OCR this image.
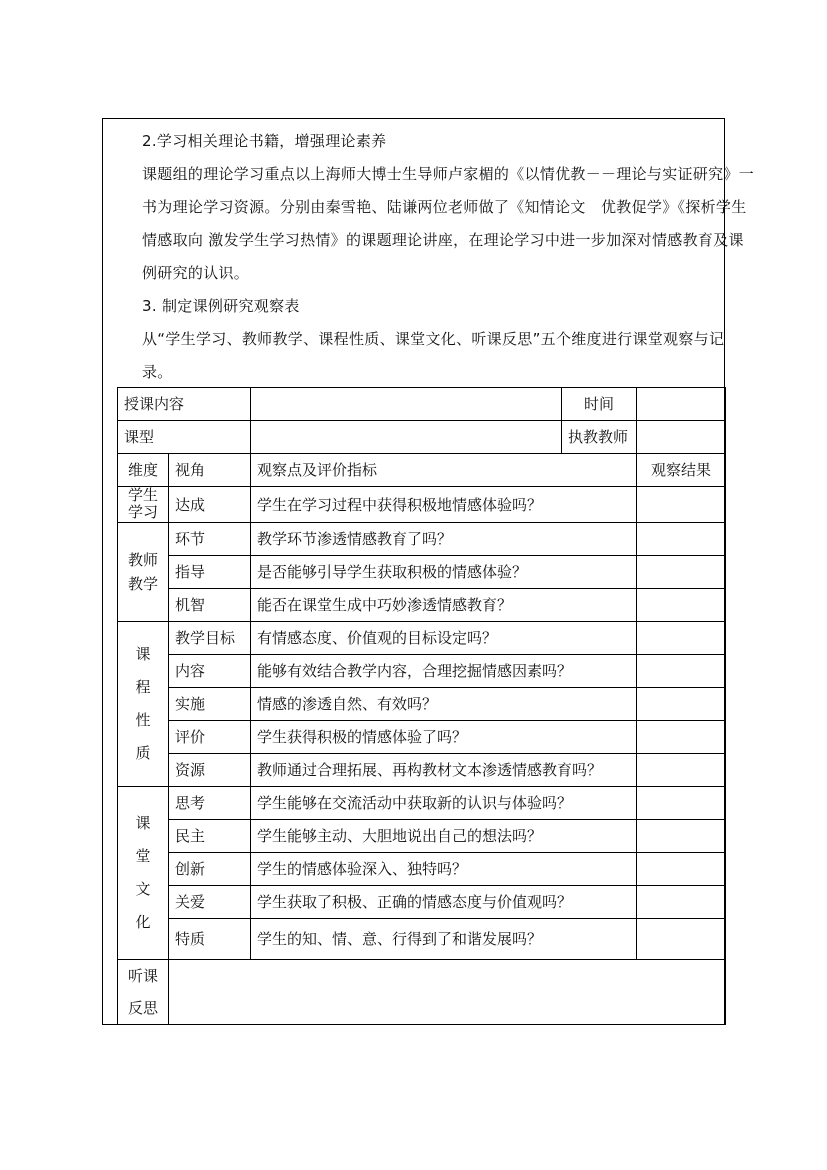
2.学习相关理论书籍，增强理论素养
课题组的理论学习重点以上海师大博士生导师卢家楣的《以情优教－－理论与实证研究》一书为理论学习资源。分别由秦雪艳、陆谦两位老师做了《知情论文　优教促学》《探析学生情感取向 激发学生学习热情》的课题理论讲座，在理论学习中进一步加深对情感教育及课例研究的认识。
3. 制定课例研究观察表
从“学生学习、教师教学、课程性质、课堂文化、听课反思”五个维度进行课堂观察与记录。
授课内容			时间	
课型			执教教师	
维度	视角	观察点及评价指标		观察结果
学生学习	达成	学生在学习过程中获得积极地情感体验吗？		
教师教学	环节	教学环节渗透情感教育了吗？		
	指导	是否能够引导学生获取积极的情感体验？		
	机智	能否在课堂生成中巧妙渗透情感教育？		
课程性质	教学目标	有情感态度、价值观的目标设定吗？		
	内容	能够有效结合教学内容，合理挖掘情感因素吗？		
	实施	情感的渗透自然、有效吗？		
	评价	学生获得积极的情感体验了吗？		
	资源	教师通过合理拓展、再构教材文本渗透情感教育吗？		
课堂文化	思考	学生能够在交流活动中获取新的认识与体验吗？		
	民主	学生能够主动、大胆地说出自己的想法吗？		
	创新	学生的情感体验深入、独特吗？		
	关爱	学生获取了积极、正确的情感态度与价值观吗？		
	特质	学生的知、情、意、行得到了和谐发展吗？		
听课反思				
